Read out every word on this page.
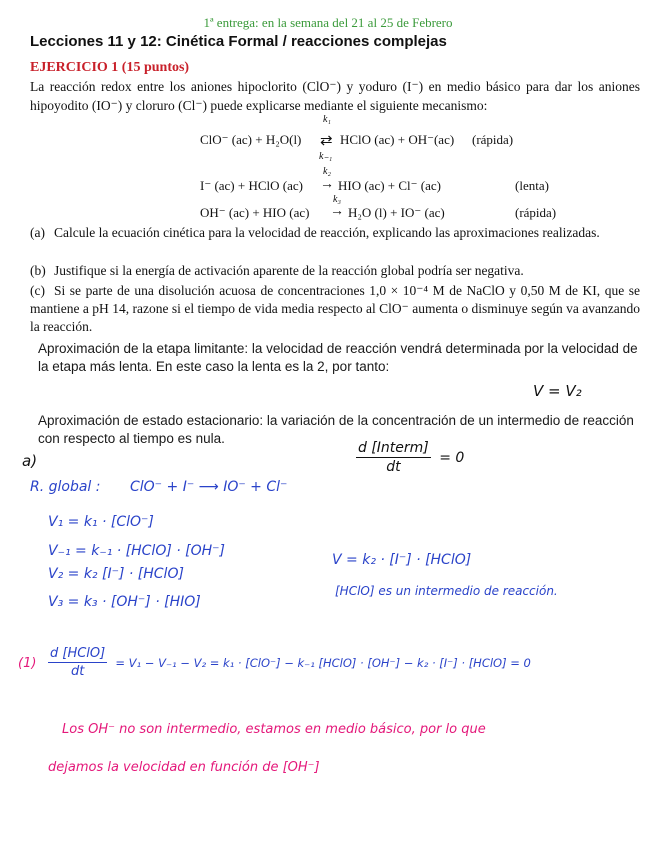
1ª entrega: en la semana del 21 al 25 de Febrero
Lecciones 11 y 12: Cinética Formal / reacciones complejas
EJERCICIO 1 (15 puntos)
La reacción redox entre los aniones hipoclorito (ClO⁻) y yoduro (I⁻) en medio básico para dar los aniones hipoyodito (IO⁻) y cloruro (Cl⁻) puede explicarse mediante el siguiente mecanismo:
ClO⁻ (ac) + H₂O(l)
k₁
⇄
k₋₁
HClO (ac) + OH⁻(ac) (rápida)
I⁻ (ac) + HClO (ac)
k₂
→ HIO (ac) + Cl⁻ (ac)	(lenta)
OH⁻ (ac) + HIO (ac)
k₃
→ H₂O (l) + IO⁻ (ac)	(rápida)
(a) Calcule la ecuación cinética para la velocidad de reacción, explicando las aproximaciones realizadas.
(b) Justifique si la energía de activación aparente de la reacción global podría ser negativa.
(c) Si se parte de una disolución acuosa de concentraciones 1,0 × 10⁻⁴ M de NaClO y 0,50 M de KI, que se mantiene a pH 14, razone si el tiempo de vida media respecto al ClO⁻ aumenta o disminuye según va avanzando la reacción.
Aproximación de la etapa limitante: la velocidad de reacción vendrá determinada por la velocidad de la etapa más lenta. En este caso la lenta es la 2, por tanto:
V = V₂
Aproximación de estado estacionario: la variación de la concentración de un intermedio de reacción con respecto al tiempo es nula.
$\frac{\text{d [Interm]}}{dt} = 0$
a)
R. global : ClO⁻ + I⁻ ⟶ IO⁻ + Cl⁻
V₁ = k₁ · [ClO⁻]
V₋₁ = k₋₁ · [HClO] · [OH⁻]
V₂ = k₂ [I⁻] · [HClO]
V₃ = k₃ · [OH⁻] · [HIO]
V = k₂ · [I⁻] · [HClO]
[HClO] es un intermedio de reacción.
$(1) \frac{\text{d [HClO]}}{dt} = V_1 - V_{-1} - V_2 = k_1 \cdot [ClO^-] - k_{-1}$ [HClO] · [OH⁻] − k₂ · [I⁻] · [HClO] = 0
Los OH⁻ no son intermedio, estamos en medio básico, por lo que
dejamos la velocidad en función de [OH⁻]
